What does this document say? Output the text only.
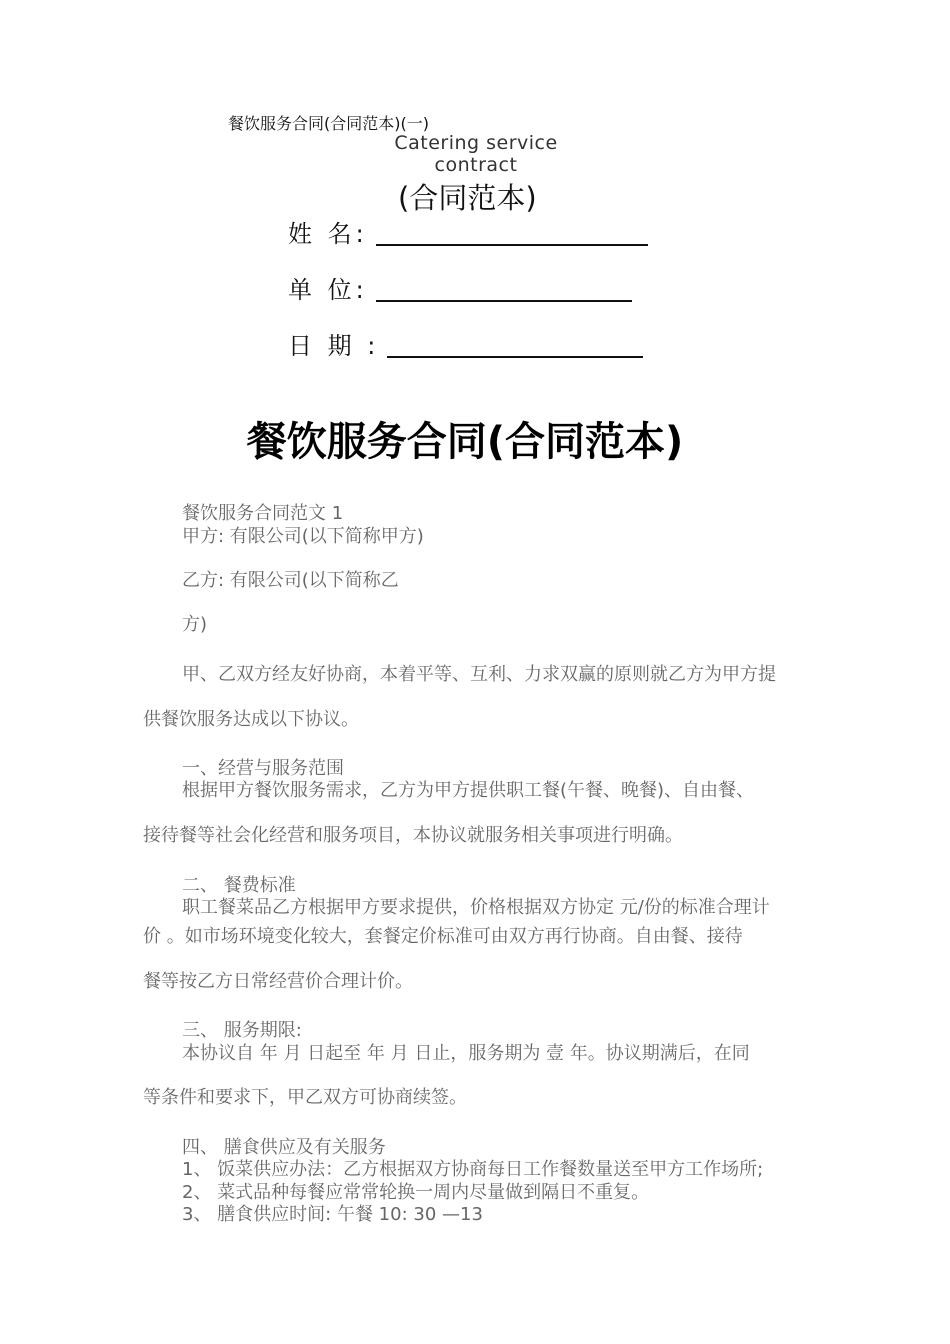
餐饮服务合同(合同范本)(一)
Catering service contract
(合同范本)
姓 名:
单 位:
日 期 :
餐饮服务合同(合同范本)
餐饮服务合同范文 1
甲方: 有限公司(以下简称甲方)
乙方: 有限公司(以下简称乙
方)
甲、乙双方经友好协商，本着平等、互利、力求双赢的原则就乙方为甲方提
供餐饮服务达成以下协议。
一、经营与服务范围
根据甲方餐饮服务需求，乙方为甲方提供职工餐(午餐、晚餐)、自由餐、
接待餐等社会化经营和服务项目，本协议就服务相关事项进行明确。
二、 餐费标准
职工餐菜品乙方根据甲方要求提供，价格根据双方协定 元/份的标准合理计
价 。如市场环境变化较大，套餐定价标准可由双方再行协商。自由餐、接待
餐等按乙方日常经营价合理计价。
三、 服务期限:
本协议自 年 月 日起至 年 月 日止，服务期为 壹 年。协议期满后，在同
等条件和要求下，甲乙双方可协商续签。
四、 膳食供应及有关服务
1、 饭菜供应办法：乙方根据双方协商每日工作餐数量送至甲方工作场所;
2、 菜式品种每餐应常常轮换一周内尽量做到隔日不重复。
3、 膳食供应时间: 午餐 10: 30 —13
